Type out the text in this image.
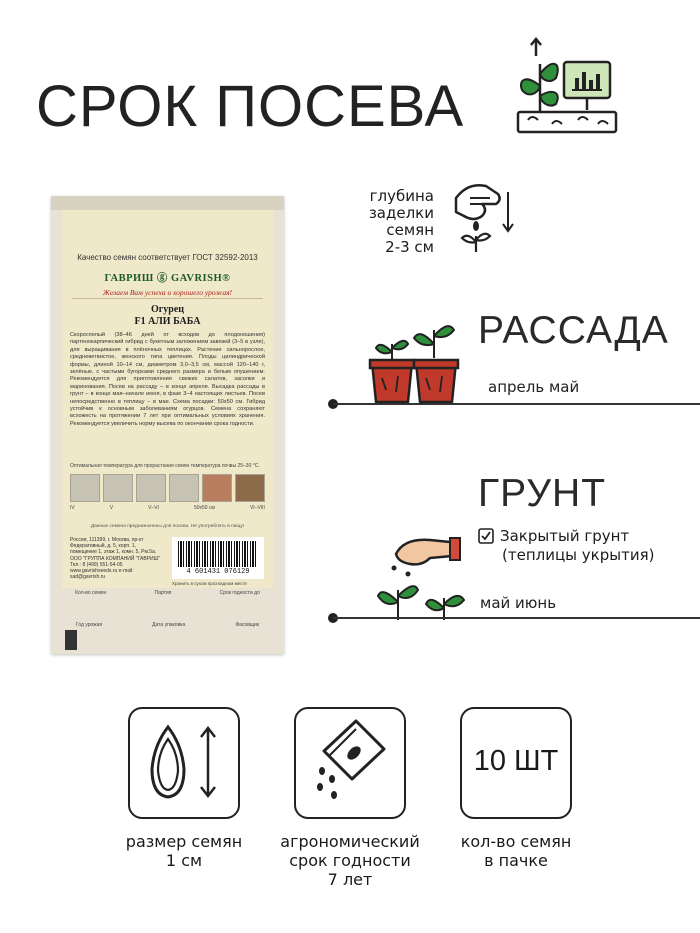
СРОК ПОСЕВА
Качество семян соответствует ГОСТ 32592-2013
ГАВРИШ ⓖ GAVRISH®
Желаем Вам успеха и хорошего урожая!
Огурец
F1 АЛИ БАБА
Скороспелый (38–46 дней от всходов до плодоношения) партенокарпический гибрид с букетным заложением завязей (3–5 в узле), для выращивания в плёночных теплицах. Растение сильнорослое, средневетвистое, женского типа цветения. Плоды цилиндрической формы, длиной 10–14 см, диаметром 3,0–3,5 см, массой 120–140 г, зелёные, с частыми бугорками среднего размера и белым опушением. Рекомендуется для приготовления свежих салатов, засолки и маринования. Посев на рассаду – в конце апреля. Высадка рассады в грунт – в конце мая–начале июня, в фазе 3–4 настоящих листьев. Посев непосредственно в теплицу – в мае. Схема посадки: 50х50 см. Гибрид устойчив к основным заболеваниям огурцов. Семена сохраняют всхожесть на протяжении 7 лет при оптимальных условиях хранения. Рекомендуется увеличить норму высева по окончании срока годности.
Оптимальная температура для прорастания семян температура почвы 25–30 °С.
IV	V	V–VI	50х50 см	VI–VIII
Данные семена предназначены для посева. Не употреблять в пищу!
Россия, 111399, г. Москва, пр-кт Федеративный, д. 5, корп. 1, помещение 1, этаж 1, комн. 5, Рм.5а. ООО "ГРУППА КОМПАНИЙ "ГАВРИШ" Тел.: 8 (499) 551-54-05 www.gavrishseeds.ru e-mail: sad@gavrish.ru
4 601431 076129
Хранить в сухом прохладном месте
Кол-во семян	Партия	Срок годности до
Год урожая	Дата упаковка	Фасовщик
глубина
заделки
семян
2-3 см
РАССАДА
апрель май
ГРУНТ
Закрытый грунт
(теплицы укрытия)
май июнь
10 ШТ
размер семян
1 см
агрономический
срок годности
7 лет
кол-во семян
в пачке
